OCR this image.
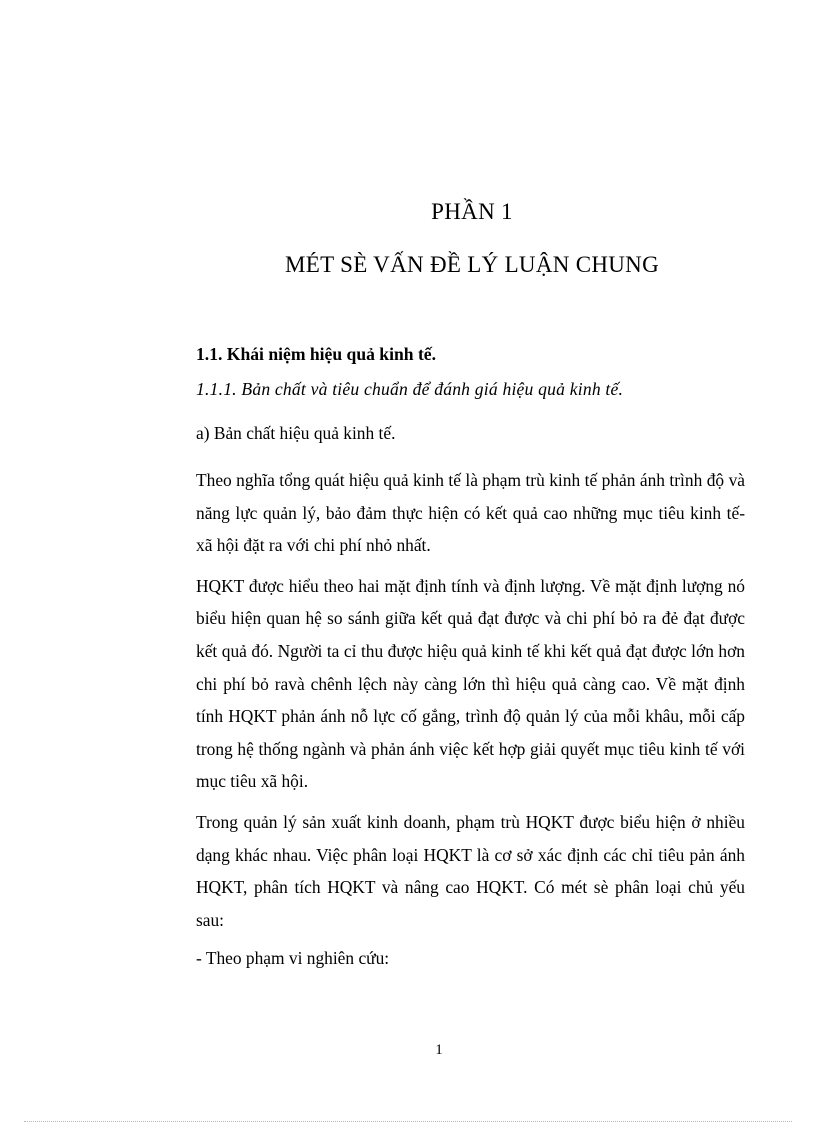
PHẦN 1
MÉT SÈ VẤN ĐỀ LÝ LUẬN CHUNG

1.1. Khái niệm hiệu quả kinh tế.

1.1.1. Bản chất và tiêu chuẩn để đánh giá hiệu quả kinh tế.

a) Bản chất hiệu quả kinh tế.

Theo nghĩa tổng quát hiệu quả kinh tế là phạm trù kinh tế phản ánh trình độ và năng lực quản lý, bảo đảm thực hiện có kết quả cao những mục tiêu kinh tế- xã hội đặt ra với chi phí nhỏ nhất.

HQKT được hiểu theo hai mặt định tính và định lượng. Về mặt định lượng nó biểu hiện quan hệ so sánh giữa kết quả đạt được và chi phí bỏ ra đẻ đạt được kết quả đó. Người ta cỉ thu được hiệu quả kinh tế khi kết quả đạt được lớn hơn chi phí bỏ ravà chênh lệch này càng lớn thì hiệu quả càng cao. Về mặt định tính HQKT phản ánh nỗ lực cố gắng, trình độ quản lý của mỗi khâu, mỗi cấp trong hệ thống ngành và phản ánh việc kết hợp giải quyết mục tiêu kinh tế với mục tiêu xã hội.

Trong quản lý sản xuất kinh doanh, phạm trù HQKT được biểu hiện ở nhiều dạng khác nhau. Việc phân loại HQKT là cơ sở xác định các chỉ tiêu pản ánh HQKT, phân tích HQKT và nâng cao HQKT. Có mét sè phân loại chủ yếu sau:

- Theo phạm vi nghiên cứu:

1
